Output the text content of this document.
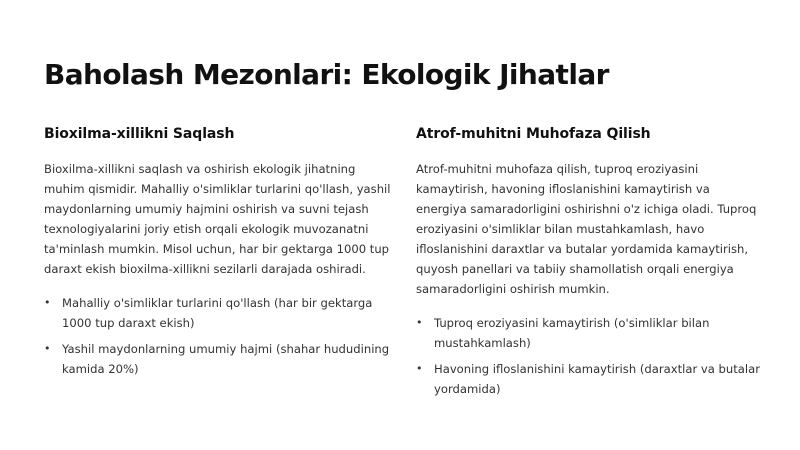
Baholash Mezonlari: Ekologik Jihatlar
Bioxilma-xillikni Saqlash

Bioxilma-xillikni saqlash va oshirish ekologik jihatning muhim qismidir. Mahalliy o'simliklar turlarini qo'llash, yashil maydonlarning umumiy hajmini oshirish va suvni tejash texnologiyalarini joriy etish orqali ekologik muvozanatni ta'minlash mumkin. Misol uchun, har bir gektarga 1000 tup daraxt ekish bioxilma-xillikni sezilarli darajada oshiradi.

• Mahalliy o'simliklar turlarini qo'llash (har bir gektarga 1000 tup daraxt ekish)
• Yashil maydonlarning umumiy hajmi (shahar hududining kamida 20%)
Atrof-muhitni Muhofaza Qilish

Atrof-muhitni muhofaza qilish, tuproq eroziyasini kamaytirish, havoning ifloslanishini kamaytirish va energiya samaradorligini oshirishni o'z ichiga oladi. Tuproq eroziyasini o'simliklar bilan mustahkamlash, havo ifloslanishini daraxtlar va butalar yordamida kamaytirish, quyosh panellari va tabiiy shamollatish orqali energiya samaradorligini oshirish mumkin.

• Tuproq eroziyasini kamaytirish (o'simliklar bilan mustahkamlash)
• Havoning ifloslanishini kamaytirish (daraxtlar va butalar yordamida)
